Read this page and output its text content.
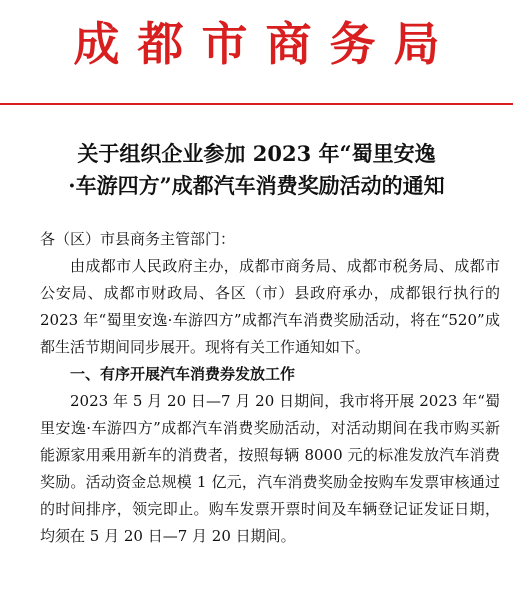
成都市商务局
关于组织企业参加 2023 年“蜀里安逸
·车游四方”成都汽车消费奖励活动的通知

各（区）市县商务主管部门：

由成都市人民政府主办，成都市商务局、成都市税务局、成都市公安局、成都市财政局、各区（市）县政府承办，成都银行执行的 2023 年“蜀里安逸·车游四方”成都汽车消费奖励活动，将在“520”成都生活节期间同步展开。现将有关工作通知如下。

一、有序开展汽车消费券发放工作

2023 年 5 月 20 日—7 月 20 日期间，我市将开展 2023 年“蜀里安逸·车游四方”成都汽车消费奖励活动，对活动期间在我市购买新能源家用乘用新车的消费者，按照每辆 8000 元的标准发放汽车消费奖励。活动资金总规模 1 亿元，汽车消费奖励金按购车发票审核通过的时间排序，领完即止。购车发票开票时间及车辆登记证发证日期，均须在 5 月 20 日—7 月 20 日期间。
